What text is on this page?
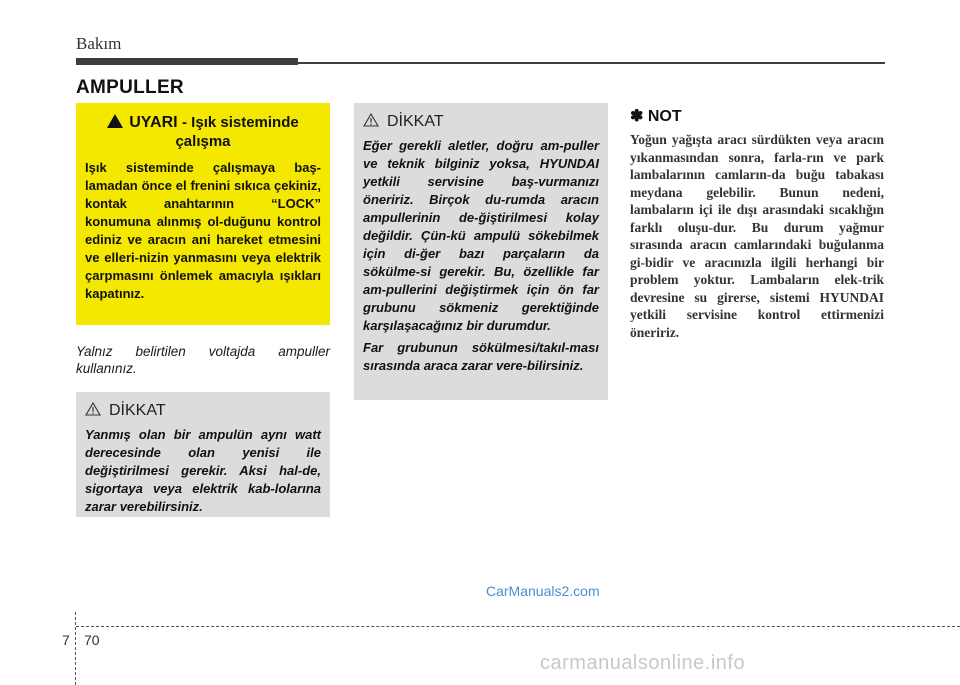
Bakım
AMPULLER
UYARI - Işık sisteminde
çalışma
Işık sisteminde çalışmaya baş-lamadan önce el frenini sıkıca çekiniz, kontak anahtarının “LOCK” konumuna alınmış ol-duğunu kontrol ediniz ve aracın ani hareket etmesini ve elleri-nizin yanmasını veya elektrik çarpmasını önlemek amacıyla ışıkları kapatınız.
Yalnız belirtilen voltajda ampuller kullanınız.
DİKKAT
Yanmış olan bir ampulün aynı watt derecesinde olan yenisi ile değiştirilmesi gerekir. Aksi hal-de, sigortaya veya elektrik kab-lolarına zarar verebilirsiniz.
DİKKAT

Eğer gerekli aletler, doğru am-puller ve teknik bilginiz yoksa, HYUNDAI yetkili servisine baş-vurmanızı öneririz. Birçok du-rumda aracın ampullerinin de-ğiştirilmesi kolay değildir. Çün-kü ampulü sökebilmek için di-ğer bazı parçaların da sökülme-si gerekir. Bu, özellikle far am-pullerini değiştirmek için ön far grubunu sökmeniz gerektiğinde karşılaşacağınız bir durumdur.

Far grubunun sökülmesi/takıl-ması sırasında araca zarar vere-bilirsiniz.

✽ NOT
Yoğun yağışta aracı sürdükten veya aracın yıkanmasından sonra, farla-rın ve park lambalarının camların-da buğu tabakası meydana gelebilir. Bunun nedeni, lambaların içi ile dışı arasındaki sıcaklığın farklı oluşu-dur. Bu durum yağmur sırasında aracın camlarındaki buğulanma gi-bidir ve aracınızla ilgili herhangi bir problem yoktur. Lambaların elek-trik devresine su girerse, sistemi HYUNDAI yetkili servisine kontrol ettirmenizi öneririz.
CarManuals2.com
7 70
carmanualsonline.info
